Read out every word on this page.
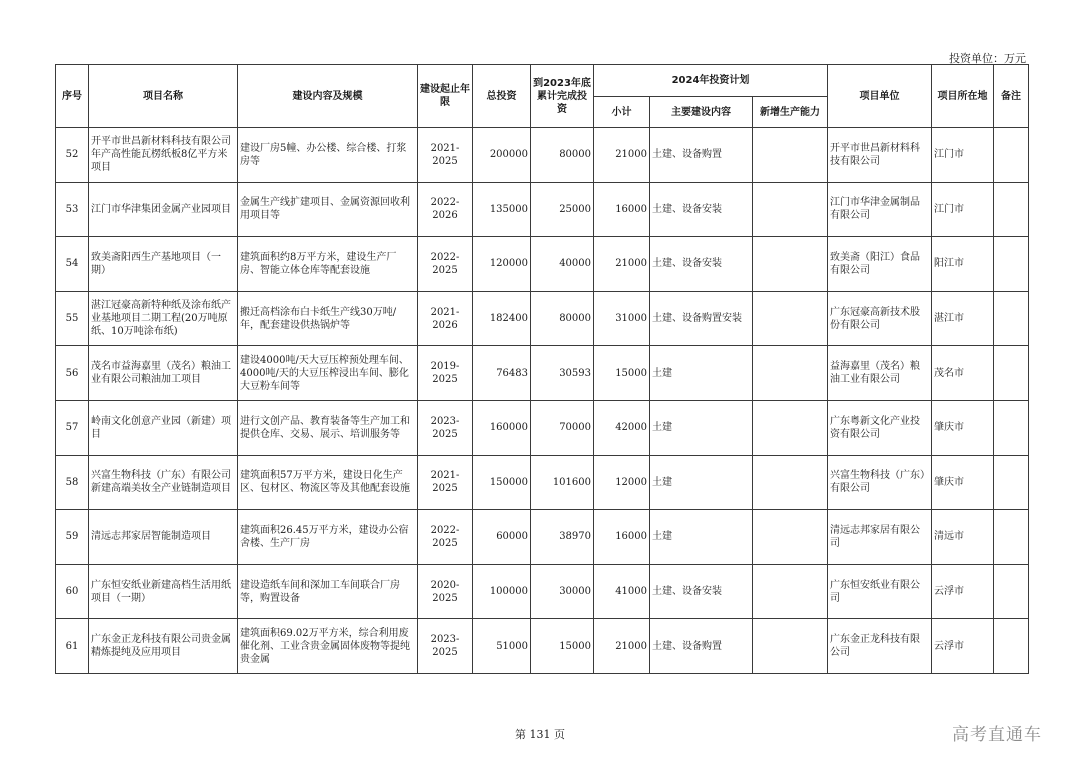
投资单位：万元
序号	项目名称	建设内容及规模	建设起止年限	总投资	到2023年底累计完成投资	2024年投资计划			项目单位	项目所在地	备注
						小计	主要建设内容	新增生产能力			
52	开平市世昌新材料科技有限公司年产高性能瓦楞纸板8亿平方米项目	建设厂房5幢、办公楼、综合楼、打浆房等	2021-2025	200000	80000	21000	土建、设备购置		开平市世昌新材料科技有限公司	江门市	
53	江门市华津集团金属产业园项目	金属生产线扩建项目、金属资源回收利用项目等	2022-2026	135000	25000	16000	土建、设备安装		江门市华津金属制品有限公司	江门市	
54	致美斋阳西生产基地项目（一期）	建筑面积约8万平方米，建设生产厂房、智能立体仓库等配套设施	2022-2025	120000	40000	21000	土建、设备安装		致美斋（阳江）食品有限公司	阳江市	
55	湛江冠豪高新特种纸及涂布纸产业基地项目二期工程(20万吨原纸、10万吨涂布纸)	搬迁高档涂布白卡纸生产线30万吨/年，配套建设供热锅炉等	2021-2026	182400	80000	31000	土建、设备购置安装		广东冠豪高新技术股份有限公司	湛江市	
56	茂名市益海嘉里（茂名）粮油工业有限公司粮油加工项目	建设4000吨/天大豆压榨预处理车间、4000吨/天的大豆压榨浸出车间、膨化大豆粉车间等	2019-2025	76483	30593	15000	土建		益海嘉里（茂名）粮油工业有限公司	茂名市	
57	岭南文化创意产业园（新建）项目	进行文创产品、教育装备等生产加工和提供仓库、交易、展示、培训服务等	2023-2025	160000	70000	42000	土建		广东粤新文化产业投资有限公司	肇庆市	
58	兴富生物科技（广东）有限公司新建高端美妆全产业链制造项目	建筑面积57万平方米，建设日化生产区、包材区、物流区等及其他配套设施	2021-2025	150000	101600	12000	土建		兴富生物科技（广东）有限公司	肇庆市	
59	清远志邦家居智能制造项目	建筑面积26.45万平方米，建设办公宿舍楼、生产厂房	2022-2025	60000	38970	16000	土建		清远志邦家居有限公司	清远市	
60	广东恒安纸业新建高档生活用纸项目（一期）	建设造纸车间和深加工车间联合厂房等，购置设备	2020-2025	100000	30000	41000	土建、设备安装		广东恒安纸业有限公司	云浮市	
61	广东金正龙科技有限公司贵金属精炼提纯及应用项目	建筑面积69.02万平方米，综合利用废催化剂、工业含贵金属固体废物等提纯贵金属	2023-2025	51000	15000	21000	土建、设备购置		广东金正龙科技有限公司	云浮市	
第 131 页	高考直通车
